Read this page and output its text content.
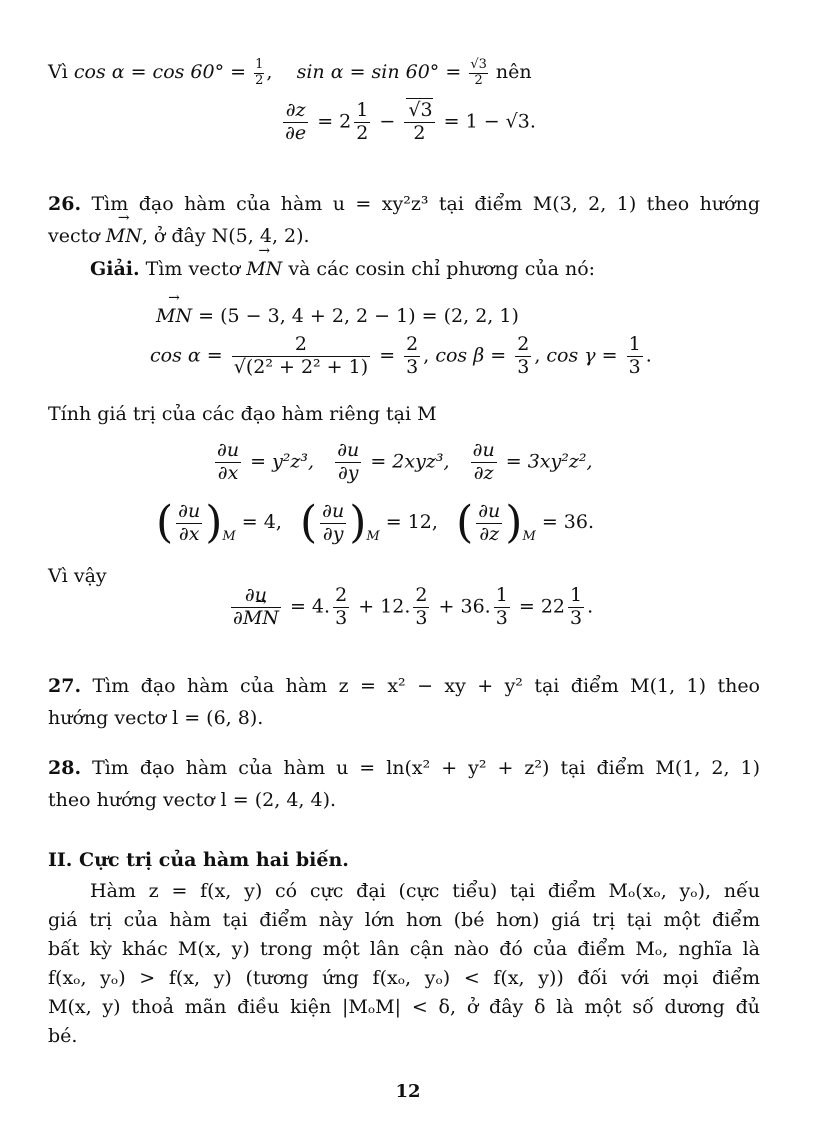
Vì $\cos \alpha = \cos 60^\circ = \frac{1}{2}$ ,    $\sin \alpha = \sin 60^\circ = \frac{√3}{2}$ nên
$\frac{\partial z}{\partial e} = 2 \frac{1}{2} - \frac{√3}{2} = 1 - √3$.
26. Tìm đạo hàm của hàm u = xy²z³ tại điểm M(3, 2, 1) theo hướng
vectơ → MN, ở đây N(5, 4, 2).
Giải. Tìm vectơ → MN và các cosin chỉ phương của nó:
→ MN = (5 − 3, 4 + 2, 2 − 1) = (2, 2, 1)
$\cos \alpha = \frac{2}{\text{√(2² + 2² + 1)}} = \frac{2}{3}$ , $\cos \beta = \frac{2}{3}$ , $\cos \gamma = \frac{1}{3}$ .
Tính giá trị của các đạo hàm riêng tại M
$\frac{\partial u}{\partial x} = y^2z^3$, $\frac{\partial u}{\partial y} = 2xyz^3$, $\frac{\partial u}{\partial z} = 3xy^2z^2$,
( $\frac{\partial u}{\partial x} )_M = 4$, ( $\frac{\partial u}{\partial y} )_M = 12$, ( $\frac{\partial u}{\partial z} )_M = 36$.
Vì vậy
$\frac{\partial u}{\partial\to MN} = 4$. $\frac{2}{3} + 12$. $\frac{2}{3} + 36$. $\frac{1}{3} = 22 \frac{1}{3}$ .
27. Tìm đạo hàm của hàm z = x² − xy + y² tại điểm M(1, 1) theo
hướng vectơ l = (6, 8).
28. Tìm đạo hàm của hàm u = ln(x² + y² + z²) tại điểm M(1, 2, 1)
theo hướng vectơ l = (2, 4, 4).
II. Cực trị của hàm hai biến.
Hàm z = f(x, y) có cực đại (cực tiểu) tại điểm Mₒ(xₒ, yₒ), nếu
giá trị của hàm tại điểm này lớn hơn (bé hơn) giá trị tại một điểm
bất kỳ khác M(x, y) trong một lân cận nào đó của điểm Mₒ, nghĩa là
f(xₒ, yₒ) > f(x, y) (tương ứng f(xₒ, yₒ) < f(x, y)) đối với mọi điểm
M(x, y) thoả mãn điều kiện |MₒM| < δ, ở đây δ là một số dương đủ
bé.
12
